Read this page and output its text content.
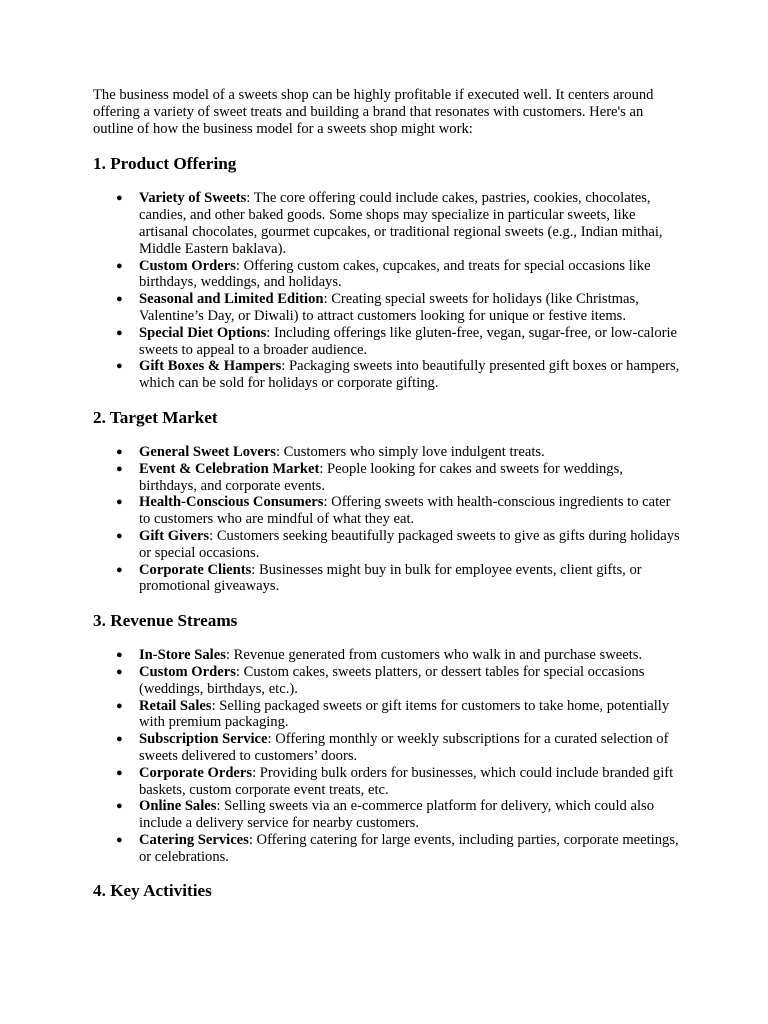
The business model of a sweets shop can be highly profitable if executed well. It centers around offering a variety of sweet treats and building a brand that resonates with customers. Here's an outline of how the business model for a sweets shop might work:

1. Product Offering
● Variety of Sweets: The core offering could include cakes, pastries, cookies, chocolates, candies, and other baked goods. Some shops may specialize in particular sweets, like artisanal chocolates, gourmet cupcakes, or traditional regional sweets (e.g., Indian mithai, Middle Eastern baklava).
● Custom Orders: Offering custom cakes, cupcakes, and treats for special occasions like birthdays, weddings, and holidays.
● Seasonal and Limited Edition: Creating special sweets for holidays (like Christmas, Valentine’s Day, or Diwali) to attract customers looking for unique or festive items.
● Special Diet Options: Including offerings like gluten-free, vegan, sugar-free, or low-calorie sweets to appeal to a broader audience.
● Gift Boxes & Hampers: Packaging sweets into beautifully presented gift boxes or hampers, which can be sold for holidays or corporate gifting.
2. Target Market
● General Sweet Lovers: Customers who simply love indulgent treats.
● Event & Celebration Market: People looking for cakes and sweets for weddings, birthdays, and corporate events.
● Health-Conscious Consumers: Offering sweets with health-conscious ingredients to cater to customers who are mindful of what they eat.
● Gift Givers: Customers seeking beautifully packaged sweets to give as gifts during holidays or special occasions.
● Corporate Clients: Businesses might buy in bulk for employee events, client gifts, or promotional giveaways.
3. Revenue Streams
● In-Store Sales: Revenue generated from customers who walk in and purchase sweets.
● Custom Orders: Custom cakes, sweets platters, or dessert tables for special occasions (weddings, birthdays, etc.).
● Retail Sales: Selling packaged sweets or gift items for customers to take home, potentially with premium packaging.
● Subscription Service: Offering monthly or weekly subscriptions for a curated selection of sweets delivered to customers’ doors.
● Corporate Orders: Providing bulk orders for businesses, which could include branded gift baskets, custom corporate event treats, etc.
● Online Sales: Selling sweets via an e-commerce platform for delivery, which could also include a delivery service for nearby customers.
● Catering Services: Offering catering for large events, including parties, corporate meetings, or celebrations.
4. Key Activities
